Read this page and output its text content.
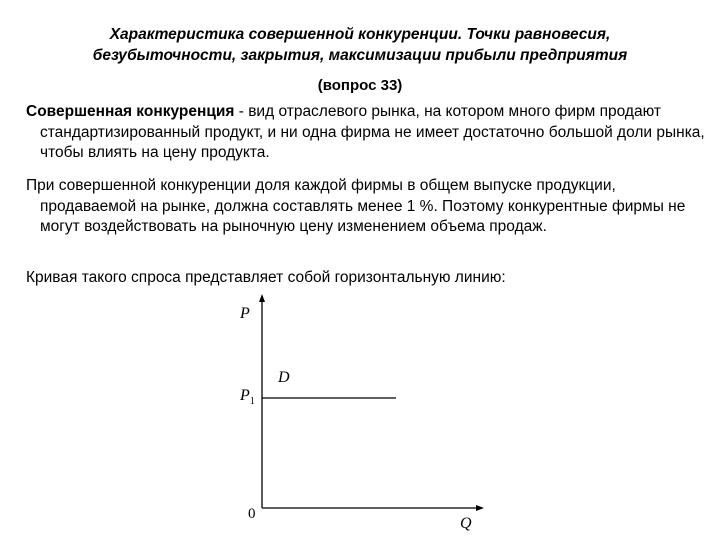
Характеристика совершенной конкуренции. Точки равновесия, безубыточности, закрытия, максимизации прибыли предприятия
(вопрос 33)
Совершенная конкуренция - вид отраслевого рынка, на котором много фирм продают стандартизированный продукт, и ни одна фирма не имеет достаточно большой доли рынка, чтобы влиять на цену продукта.
При совершенной конкуренции доля каждой фирмы в общем выпуске продукции, продаваемой на рынке, должна составлять менее 1 %. Поэтому конкурентные фирмы не могут воздействовать на рыночную цену изменением объема продаж.
Кривая такого спроса представляет собой горизонтальную линию:
P
Q
0
$P_1$
D
